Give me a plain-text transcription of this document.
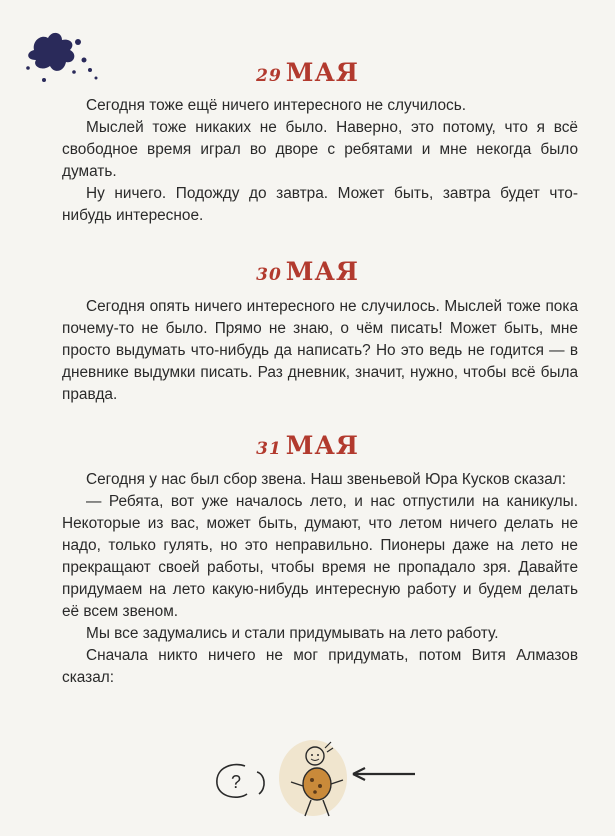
29 МАЯ

Сегодня тоже ещё ничего интересного не случилось.

Мыслей тоже никаких не было. Наверно, это потому, что я всё свободное время играл во дворе с ребятами и мне некогда было думать.

Ну ничего. Подожду до завтра. Может быть, завтра будет что-нибудь интересное.

30 МАЯ

Сегодня опять ничего интересного не случилось. Мыслей тоже пока почему-то не было. Прямо не знаю, о чём писать! Может быть, мне просто выдумать что-нибудь да написать? Но это ведь не годится — в дневнике выдумки писать. Раз дневник, значит, нужно, чтобы всё была правда.

31 МАЯ

Сегодня у нас был сбор звена. Наш звеньевой Юра Кусков сказал:

— Ребята, вот уже началось лето, и нас отпустили на каникулы. Некоторые из вас, может быть, думают, что летом ничего делать не надо, только гулять, но это неправильно. Пионеры даже на лето не прекращают своей работы, чтобы время не пропадало зря. Давайте придумаем на лето какую-нибудь интересную работу и будем делать её всем звеном.

Мы все задумались и стали придумывать на лето работу.

Сначала никто ничего не мог придумать, потом Витя Алмазов сказал:

?
